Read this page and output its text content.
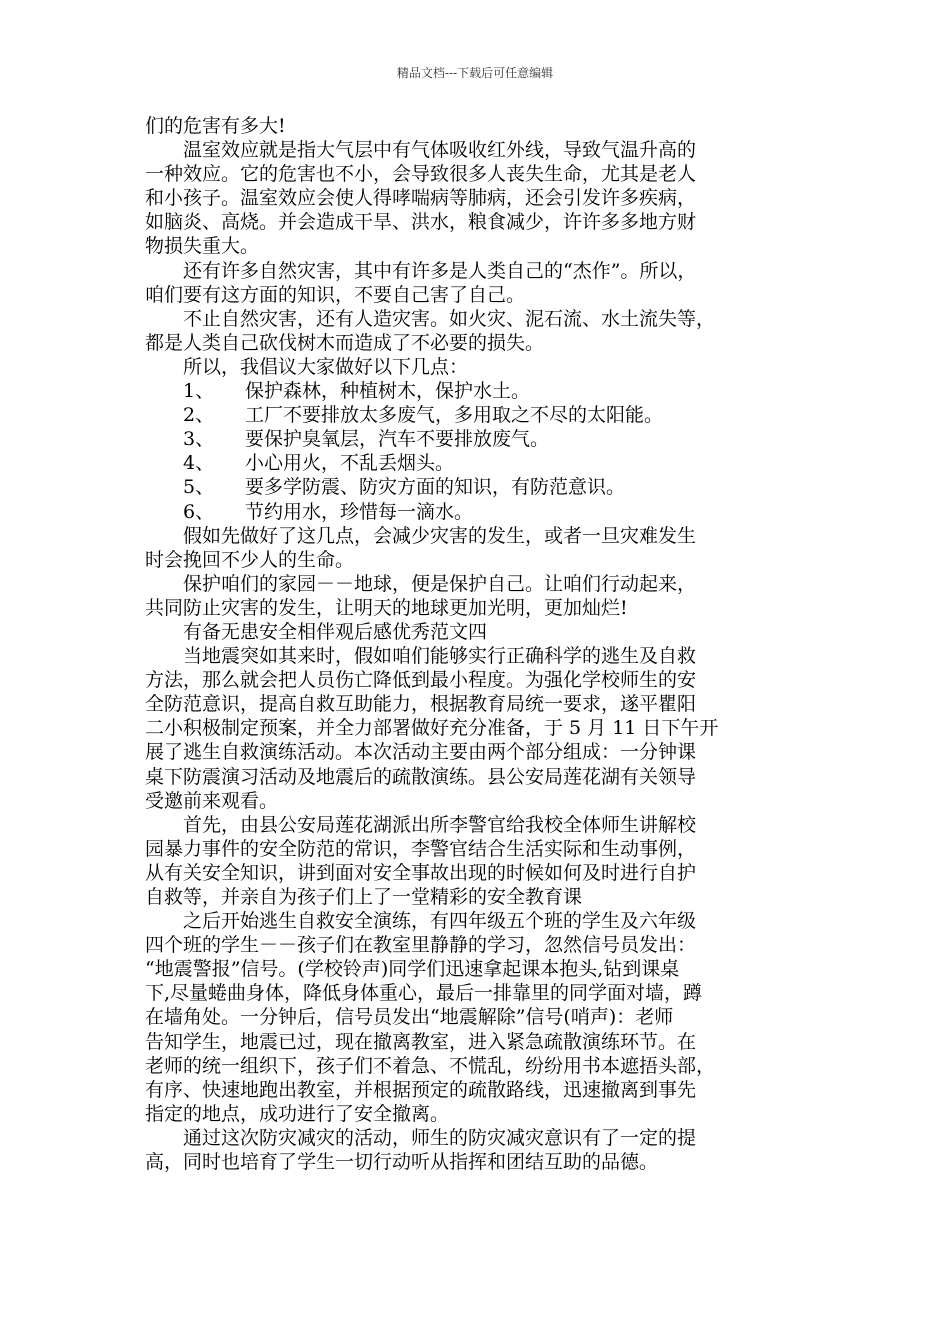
精品文档---下载后可任意编辑
们的危害有多大!
温室效应就是指大气层中有气体吸收红外线，导致气温升高的
一种效应。它的危害也不小，会导致很多人丧失生命，尤其是老人
和小孩子。温室效应会使人得哮喘病等肺病，还会引发许多疾病，
如脑炎、高烧。并会造成干旱、洪水，粮食减少，许许多多地方财
物损失重大。
还有许多自然灾害，其中有许多是人类自己的“杰作”。所以，
咱们要有这方面的知识，不要自己害了自己。
不止自然灾害，还有人造灾害。如火灾、泥石流、水土流失等，
都是人类自己砍伐树木而造成了不必要的损失。
所以，我倡议大家做好以下几点：
1、 保护森林，种植树木，保护水土。
2、 工厂不要排放太多废气，多用取之不尽的太阳能。
3、 要保护臭氧层，汽车不要排放废气。
4、 小心用火，不乱丢烟头。
5、 要多学防震、防灾方面的知识，有防范意识。
6、 节约用水，珍惜每一滴水。
假如先做好了这几点，会减少灾害的发生，或者一旦灾难发生
时会挽回不少人的生命。
保护咱们的家园－－地球，便是保护自己。让咱们行动起来，
共同防止灾害的发生，让明天的地球更加光明，更加灿烂!
有备无患安全相伴观后感优秀范文四
当地震突如其来时，假如咱们能够实行正确科学的逃生及自救
方法，那么就会把人员伤亡降低到最小程度。为强化学校师生的安
全防范意识，提高自救互助能力，根据教育局统一要求，遂平瞿阳
二小积极制定预案，并全力部署做好充分准备，于 5 月 11 日下午开
展了逃生自救演练活动。本次活动主要由两个部分组成：一分钟课
桌下防震演习活动及地震后的疏散演练。县公安局莲花湖有关领导
受邀前来观看。
首先，由县公安局莲花湖派出所李警官给我校全体师生讲解校
园暴力事件的安全防范的常识，李警官结合生活实际和生动事例，
从有关安全知识，讲到面对安全事故出现的时候如何及时进行自护
自救等，并亲自为孩子们上了一堂精彩的安全教育课
之后开始逃生自救安全演练，有四年级五个班的学生及六年级
四个班的学生－－孩子们在教室里静静的学习，忽然信号员发出：
“地震警报”信号。(学校铃声)同学们迅速拿起课本抱头,钻到课桌
下,尽量蜷曲身体，降低身体重心，最后一排靠里的同学面对墙，蹲
在墙角处。一分钟后，信号员发出“地震解除”信号(哨声)：老师
告知学生，地震已过，现在撤离教室，进入紧急疏散演练环节。在
老师的统一组织下，孩子们不着急、不慌乱，纷纷用书本遮捂头部，
有序、快速地跑出教室，并根据预定的疏散路线，迅速撤离到事先
指定的地点，成功进行了安全撤离。
通过这次防灾减灾的活动，师生的防灾减灾意识有了一定的提
高，同时也培育了学生一切行动听从指挥和团结互助的品德。
